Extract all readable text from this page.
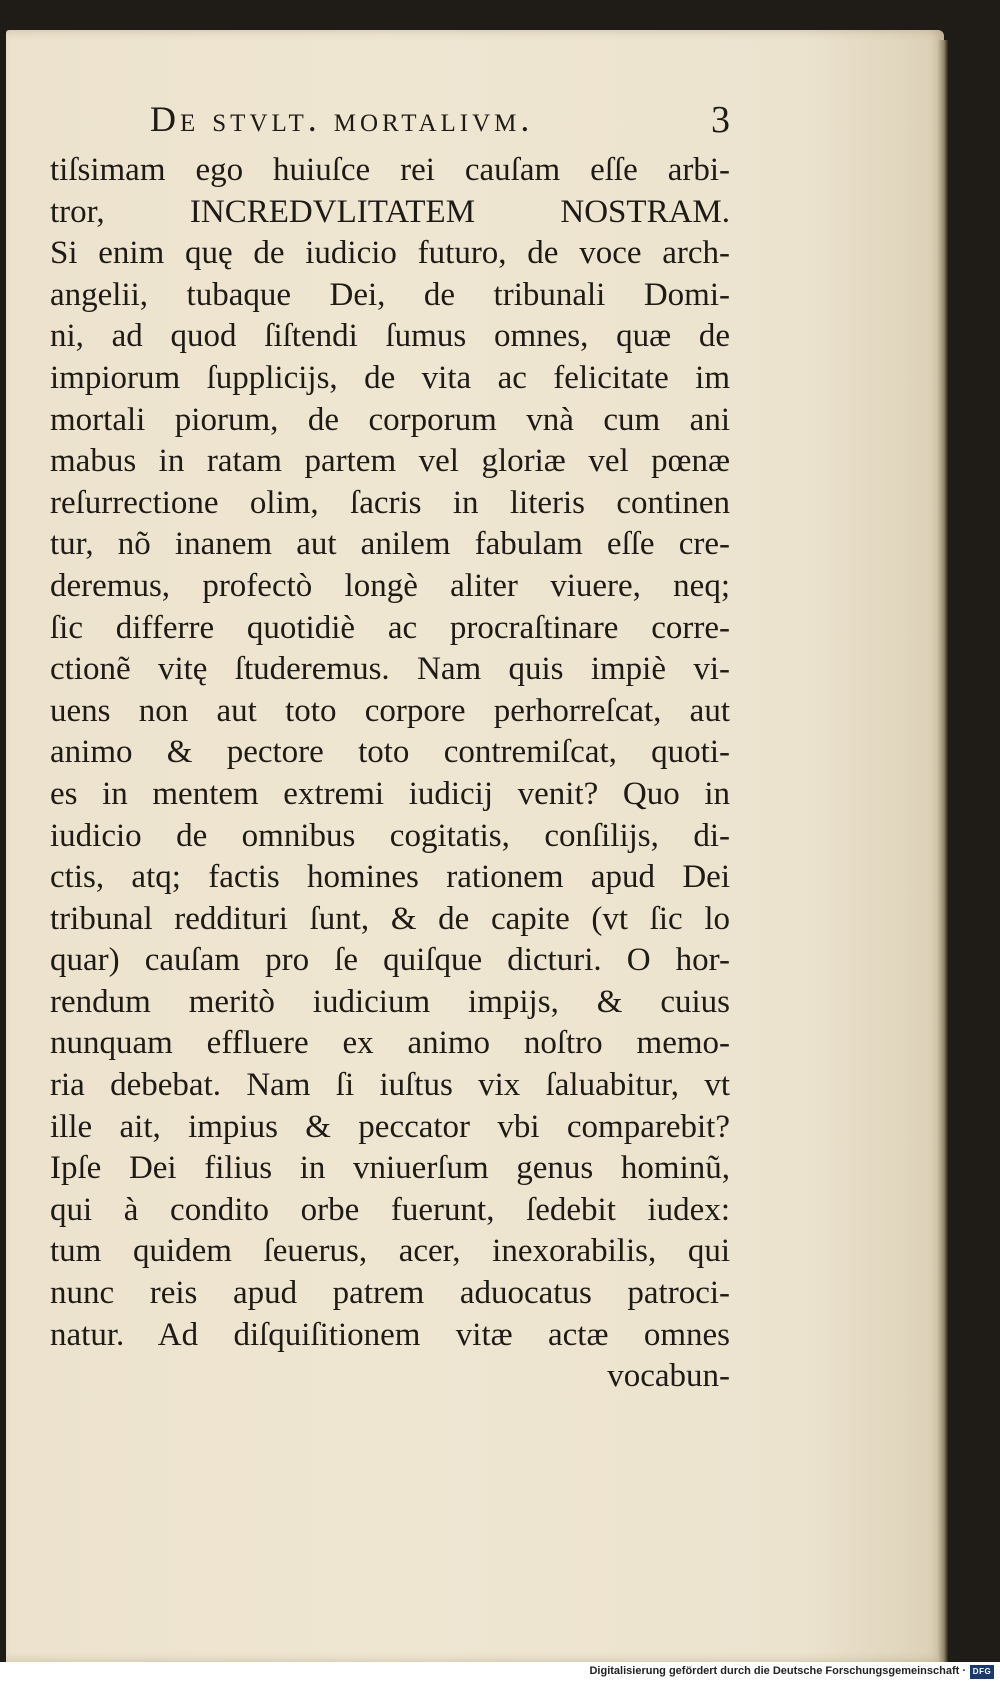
De stvlt. mortalivm.	3
tiſsimam ego huiuſce rei cauſam eſſe arbi-
tror, INCREDVLITATEM NOSTRAM.
Si enim quę de iudicio futuro, de voce arch-
angelii, tubaque Dei, de tribunali Domi-
ni, ad quod ſiſtendi ſumus omnes, quæ de
impiorum ſupplicijs, de vita ac felicitate im
mortali piorum, de corporum vnà cum ani
mabus in ratam partem vel gloriæ vel pœnæ
reſurrectione olim, ſacris in literis continen
tur, nõ inanem aut anilem fabulam eſſe cre-
deremus, profectò longè aliter viuere, neq;
ſic differre quotidiè ac procraſtinare corre-
ctionẽ vitę ſtuderemus. Nam quis impiè vi-
uens non aut toto corpore perhorreſcat, aut
animo & pectore toto contremiſcat, quoti-
es in mentem extremi iudicij venit? Quo in
iudicio de omnibus cogitatis, conſilijs, di-
ctis, atq; factis homines rationem apud Dei
tribunal reddituri ſunt, & de capite (vt ſic lo
quar) cauſam pro ſe quiſque dicturi. O hor-
rendum meritò iudicium impijs, & cuius
nunquam effluere ex animo noſtro memo-
ria debebat. Nam ſi iuſtus vix ſaluabitur, vt
ille ait, impius & peccator vbi comparebit?
Ipſe Dei filius in vniuerſum genus hominũ,
qui à condito orbe fuerunt, ſedebit iudex:
tum quidem ſeuerus, acer, inexorabilis, qui
nunc reis apud patrem aduocatus patroci-
natur. Ad diſquiſitionem vitæ actæ omnes
vocabun-
Digitalisierung gefördert durch die Deutsche Forschungsgemeinschaft · DFG
